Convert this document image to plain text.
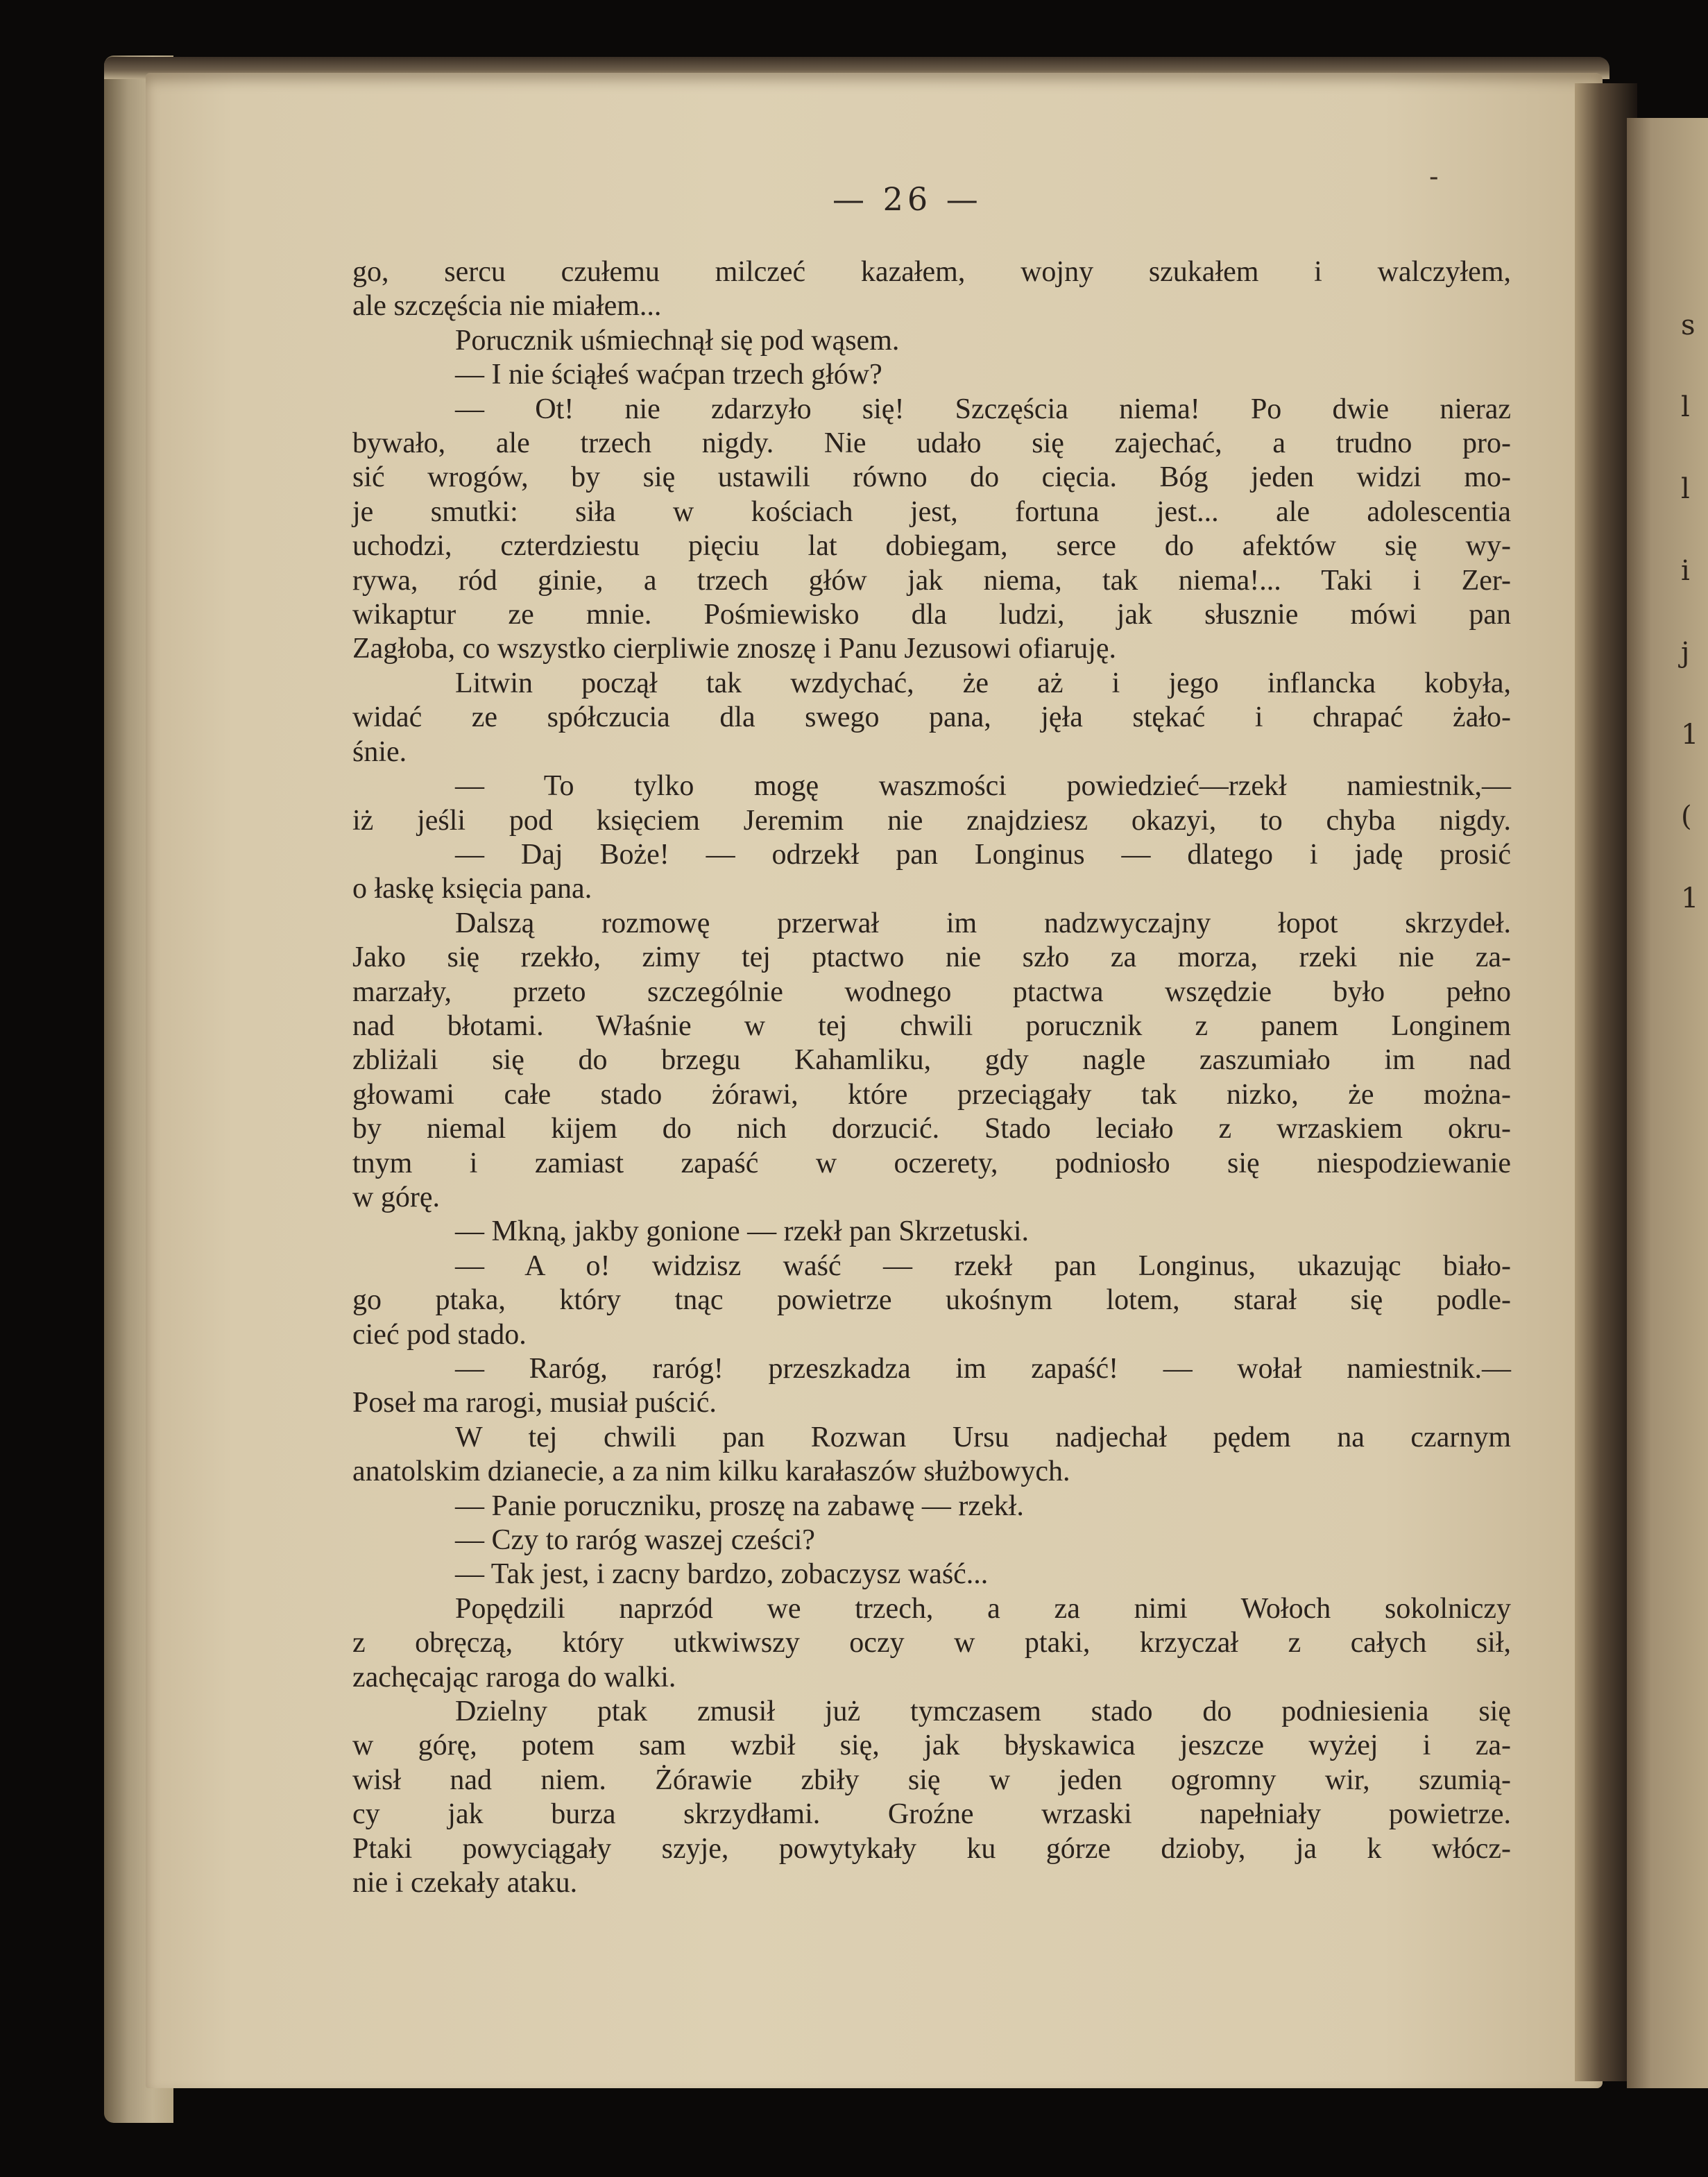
s
l
l
i
j
1
(
1
-
— 26 —
go, sercu czułemu milczeć kazałem, wojny szukałem i walczyłem,
ale szczęścia nie miałem...
Porucznik uśmiechnął się pod wąsem.
— I nie ściąłeś waćpan trzech głów?
— Ot! nie zdarzyło się! Szczęścia niema! Po dwie nieraz
bywało, ale trzech nigdy. Nie udało się zajechać, a trudno pro-
sić wrogów, by się ustawili równo do cięcia. Bóg jeden widzi mo-
je smutki: siła w kościach jest, fortuna jest... ale adolescentia
uchodzi, czterdziestu pięciu lat dobiegam, serce do afektów się wy-
rywa, ród ginie, a trzech głów jak niema, tak niema!... Taki i Zer-
wikaptur ze mnie. Pośmiewisko dla ludzi, jak słusznie mówi pan
Zagłoba, co wszystko cierpliwie znoszę i Panu Jezusowi ofiaruję.
Litwin począł tak wzdychać, że aż i jego inflancka kobyła,
widać ze spółczucia dla swego pana, jęła stękać i chrapać żało-
śnie.
— To tylko mogę waszmości powiedzieć—rzekł namiestnik,—
iż jeśli pod księciem Jeremim nie znajdziesz okazyi, to chyba nigdy.
— Daj Boże! — odrzekł pan Longinus — dlatego i jadę prosić
o łaskę księcia pana.
Dalszą rozmowę przerwał im nadzwyczajny łopot skrzydeł.
Jako się rzekło, zimy tej ptactwo nie szło za morza, rzeki nie za-
marzały, przeto szczególnie wodnego ptactwa wszędzie było pełno
nad błotami. Właśnie w tej chwili porucznik z panem Longinem
zbliżali się do brzegu Kahamliku, gdy nagle zaszumiało im nad
głowami całe stado żórawi, które przeciągały tak nizko, że można-
by niemal kijem do nich dorzucić. Stado leciało z wrzaskiem okru-
tnym i zamiast zapaść w oczerety, podniosło się niespodziewanie
w górę.
— Mkną, jakby gonione — rzekł pan Skrzetuski.
— A o! widzisz waść — rzekł pan Longinus, ukazując biało-
go ptaka, który tnąc powietrze ukośnym lotem, starał się podle-
cieć pod stado.
— Raróg, raróg! przeszkadza im zapaść! — wołał namiestnik.—
Poseł ma rarogi, musiał puścić.
W tej chwili pan Rozwan Ursu nadjechał pędem na czarnym
anatolskim dzianecie, a za nim kilku karałaszów służbowych.
— Panie poruczniku, proszę na zabawę — rzekł.
— Czy to raróg waszej cześci?
— Tak jest, i zacny bardzo, zobaczysz waść...
Popędzili naprzód we trzech, a za nimi Wołoch sokolniczy
z obręczą, który utkwiwszy oczy w ptaki, krzyczał z całych sił,
zachęcając raroga do walki.
Dzielny ptak zmusił już tymczasem stado do podniesienia się
w górę, potem sam wzbił się, jak błyskawica jeszcze wyżej i za-
wisł nad niem. Żórawie zbiły się w jeden ogromny wir, szumią-
cy jak burza skrzydłami. Groźne wrzaski napełniały powietrze.
Ptaki powyciągały szyje, powytykały ku górze dzioby, ja k włócz-
nie i czekały ataku.
